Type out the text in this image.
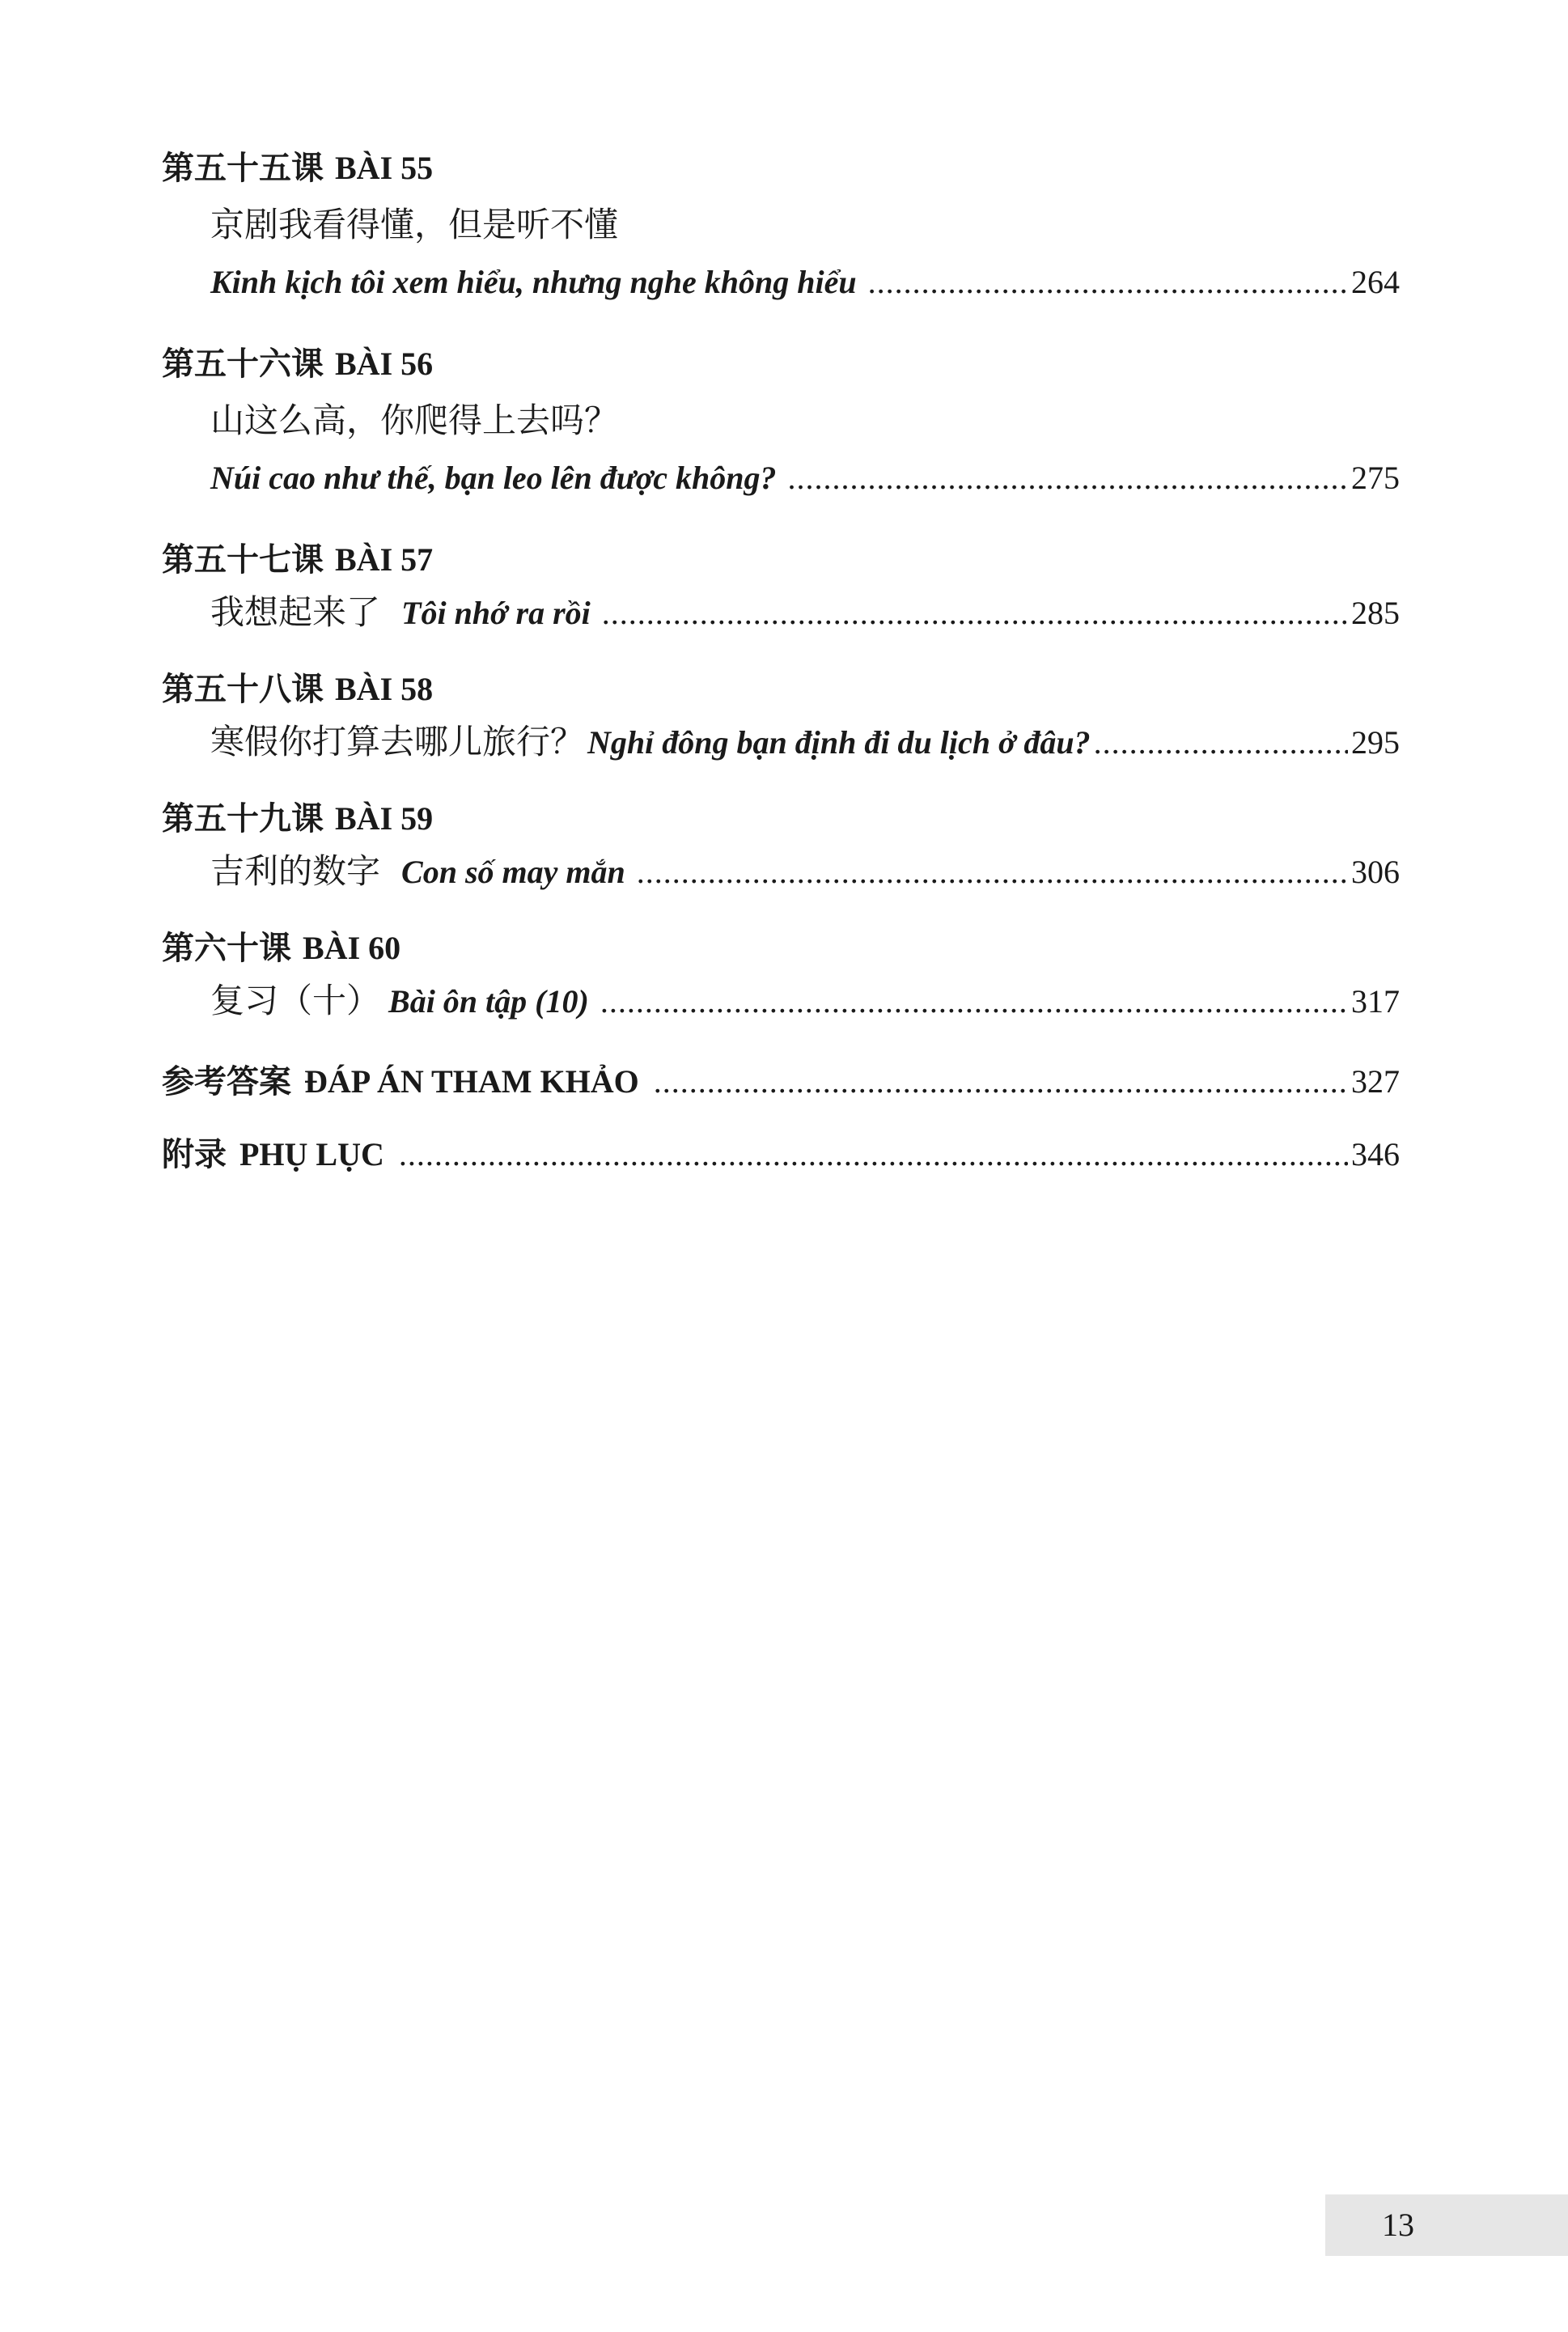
第五十五课 BÀI 55
京剧我看得懂，但是听不懂
Kinh kịch tôi xem hiểu, nhưng nghe không hiểu .....	264
第五十六课 BÀI 56
山这么高，你爬得上去吗？
Núi cao như thế, bạn leo lên được không? .....	275
第五十七课 BÀI 57
我想起来了 Tôi nhớ ra rồi .....	285
第五十八课 BÀI 58
寒假你打算去哪儿旅行？ Nghỉ đông bạn định đi du lịch ở đâu? .....	295
第五十九课 BÀI 59
吉利的数字 Con số may mắn .....	306
第六十课 BÀI 60
复习（十） Bài ôn tập (10) .....	317
参考答案 ĐÁP ÁN THAM KHẢO .....	327
附录 PHỤ LỤC .....	346
13
